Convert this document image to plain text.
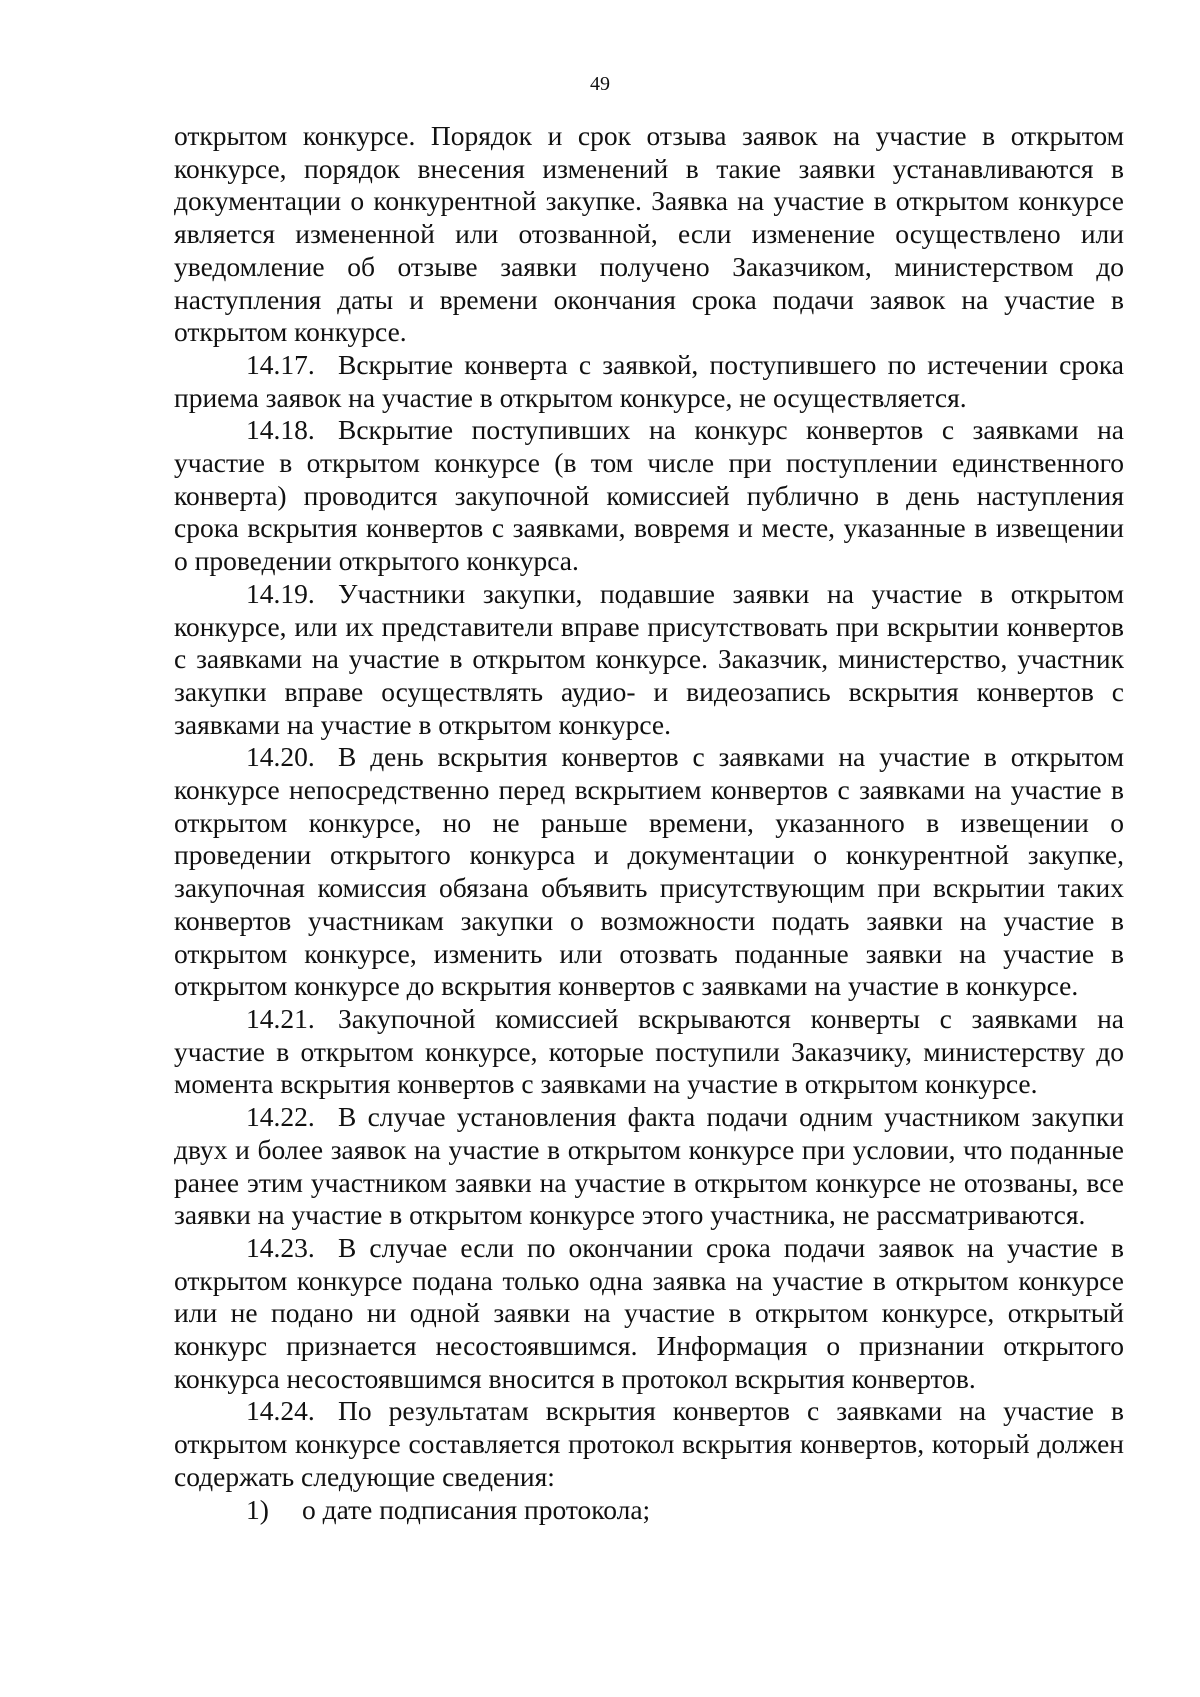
49

открытом конкурсе. Порядок и срок отзыва заявок на участие в открытом конкурсе, порядок внесения изменений в такие заявки устанавливаются в документации о конкурентной закупке. Заявка на участие в открытом конкурсе является измененной или отозванной, если изменение осуществлено или уведомление об отзыве заявки получено Заказчиком, министерством до наступления даты и времени окончания срока подачи заявок на участие в открытом конкурсе.

14.17. Вскрытие конверта с заявкой, поступившего по истечении срока приема заявок на участие в открытом конкурсе, не осуществляется.

14.18. Вскрытие поступивших на конкурс конвертов с заявками на участие в открытом конкурсе (в том числе при поступлении единственного конверта) проводится закупочной комиссией публично в день наступления срока вскрытия конвертов с заявками, вовремя и месте, указанные в извещении о проведении открытого конкурса.

14.19. Участники закупки, подавшие заявки на участие в открытом конкурсе, или их представители вправе присутствовать при вскрытии конвертов с заявками на участие в открытом конкурсе. Заказчик, министерство, участник закупки вправе осуществлять аудио- и видеозапись вскрытия конвертов с заявками на участие в открытом конкурсе.

14.20. В день вскрытия конвертов с заявками на участие в открытом конкурсе непосредственно перед вскрытием конвертов с заявками на участие в открытом конкурсе, но не раньше времени, указанного в извещении о проведении открытого конкурса и документации о конкурентной закупке, закупочная комиссия обязана объявить присутствующим при вскрытии таких конвертов участникам закупки о возможности подать заявки на участие в открытом конкурсе, изменить или отозвать поданные заявки на участие в открытом конкурсе до вскрытия конвертов с заявками на участие в конкурсе.

14.21. Закупочной комиссией вскрываются конверты с заявками на участие в открытом конкурсе, которые поступили Заказчику, министерству до момента вскрытия конвертов с заявками на участие в открытом конкурсе.

14.22. В случае установления факта подачи одним участником закупки двух и более заявок на участие в открытом конкурсе при условии, что поданные ранее этим участником заявки на участие в открытом конкурсе не отозваны, все заявки на участие в открытом конкурсе этого участника, не рассматриваются.

14.23. В случае если по окончании срока подачи заявок на участие в открытом конкурсе подана только одна заявка на участие в открытом конкурсе или не подано ни одной заявки на участие в открытом конкурсе, открытый конкурс признается несостоявшимся. Информация о признании открытого конкурса несостоявшимся вносится в протокол вскрытия конвертов.

14.24. По результатам вскрытия конвертов с заявками на участие в открытом конкурсе составляется протокол вскрытия конвертов, который должен содержать следующие сведения:

1) о дате подписания протокола;
